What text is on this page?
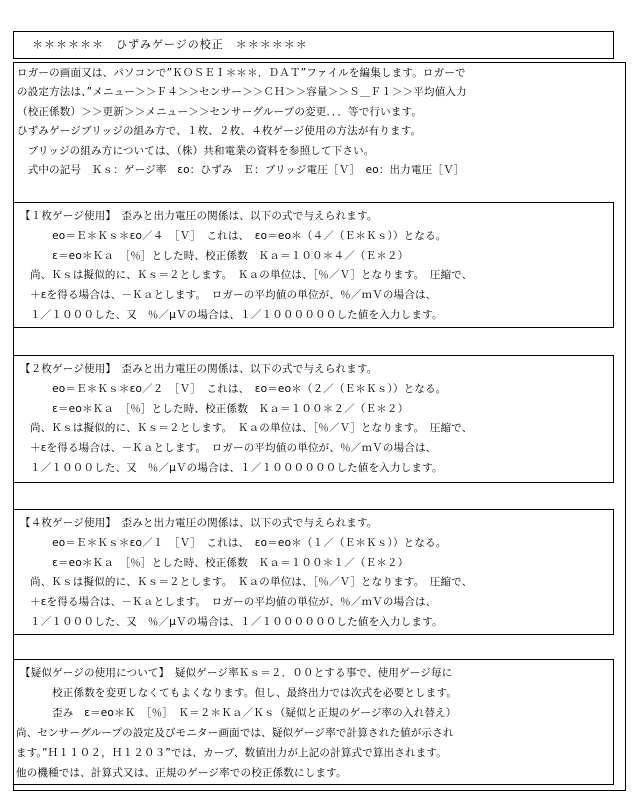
＊＊＊＊＊＊　ひずみゲージの校正　＊＊＊＊＊＊
ロガーの画面又は、パソコンで”ＫＯＳＥＩ＊＊＊．ＤＡＴ”ファイルを編集します。ロガーで
の設定方法は、”メニュー＞＞Ｆ４＞＞センサー＞＞ＣＨ＞＞容量＞＞Ｓ＿Ｆ１＞＞平均値入力
（校正係数）＞＞更新＞＞メニュー＞＞センサーグループの変更．．．等で行います。
ひずみゲージブリッジの組み方で、１枚、２枚、４枚ゲージ使用の方法が有ります。
　ブリッジの組み方については、（株）共和電業の資料を参照して下さい。
　式中の記号　Ｋｓ：ゲージ率　εo：ひずみ　Ｅ：ブリッジ電圧［Ｖ］　eo：出力電圧［Ｖ］
【１枚ゲージ使用】　歪みと出力電圧の関係は、以下の式で与えられます。
　　　eo＝Ｅ＊Ｋｓ＊εo／４　［Ｖ］　これは、　εo＝eo＊（４／（Ｅ＊Ｋｓ））となる。
　　　ε＝eo＊Ｋａ　［％］とした時、校正係数　Ｋａ＝１００＊４／（Ｅ＊２）
尚、Ｋｓは擬似的に、Ｋｓ＝２とします。　Ｋａの単位は、［％／Ｖ］となります。　圧縮で、
＋εを得る場合は、－Ｋａとします。　ロガーの平均値の単位が、％／ｍＶの場合は、
１／１０００した、又　％／μＶの場合は、１／１００００００した値を入力します。
【２枚ゲージ使用】　歪みと出力電圧の関係は、以下の式で与えられます。
　　　eo＝Ｅ＊Ｋｓ＊εo／２　［Ｖ］　これは、　εo＝eo＊（２／（Ｅ＊Ｋｓ））となる。
　　　ε＝eo＊Ｋａ　［％］とした時、校正係数　Ｋａ＝１００＊２／（Ｅ＊２）
尚、Ｋｓは擬似的に、Ｋｓ＝２とします。　Ｋａの単位は、［％／Ｖ］となります。　圧縮で、
＋εを得る場合は、－Ｋａとします。　ロガーの平均値の単位が、％／ｍＶの場合は、
１／１０００した、又　％／μＶの場合は、１／１００００００した値を入力します。
【４枚ゲージ使用】　歪みと出力電圧の関係は、以下の式で与えられます。
　　　eo＝Ｅ＊Ｋｓ＊εo／１　［Ｖ］　これは、　εo＝eo＊（１／（Ｅ＊Ｋｓ））となる。
　　　ε＝eo＊Ｋａ　［％］とした時、校正係数　Ｋａ＝１００＊１／（Ｅ＊２）
尚、Ｋｓは擬似的に、Ｋｓ＝２とします。　Ｋａの単位は、［％／Ｖ］となります。　圧縮で、
＋εを得る場合は、－Ｋａとします。　ロガーの平均値の単位が、％／ｍＶの場合は、
１／１０００した、又　％／μＶの場合は、１／１００００００した値を入力します。
【疑似ゲージの使用について】　疑似ゲージ率Ｋｓ＝２．００とする事で、使用ゲージ毎に
　　　校正係数を変更しなくてもよくなります。但し、最終出力では次式を必要とします。
　　　歪み　ε＝eo＊Ｋ　［％］　Ｋ＝２＊Ｋａ／Ｋｓ（疑似と正規のゲージ率の入れ替え）
尚、センサーグループの設定及びモニター画面では、疑似ゲージ率で計算された値が示され
ます。”Ｈ１１０２，Ｈ１２０３”では、カーブ、数値出力が上記の計算式で算出されます。
他の機種では、計算式又は、正規のゲージ率での校正係数にします。
